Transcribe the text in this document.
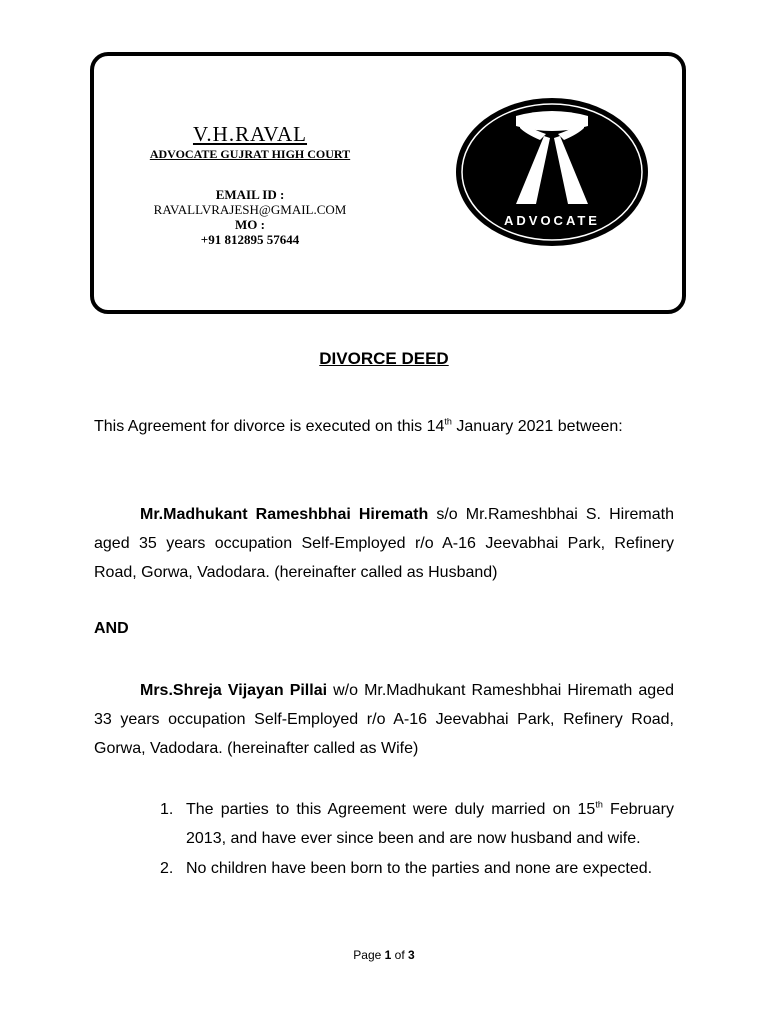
V.H.RAVAL
ADVOCATE GUJRAT HIGH COURT
EMAIL ID :
RAVALLVRAJESH@GMAIL.COM
MO :
+91 812895 57644
ADVOCATE
DIVORCE DEED

This Agreement for divorce is executed on this 14th January 2021 between:

Mr.Madhukant Rameshbhai Hiremath s/o Mr.Rameshbhai S. Hiremath aged 35 years occupation Self-Employed r/o A-16 Jeevabhai Park, Refinery Road, Gorwa, Vadodara. (hereinafter called as Husband)

AND

Mrs.Shreja Vijayan Pillai w/o Mr.Madhukant Rameshbhai Hiremath aged 33 years occupation Self-Employed r/o A-16 Jeevabhai Park, Refinery Road, Gorwa, Vadodara. (hereinafter called as Wife)

1. The parties to this Agreement were duly married on 15th February 2013, and have ever since been and are now husband and wife.
2. No children have been born to the parties and none are expected.
Page 1 of 3
